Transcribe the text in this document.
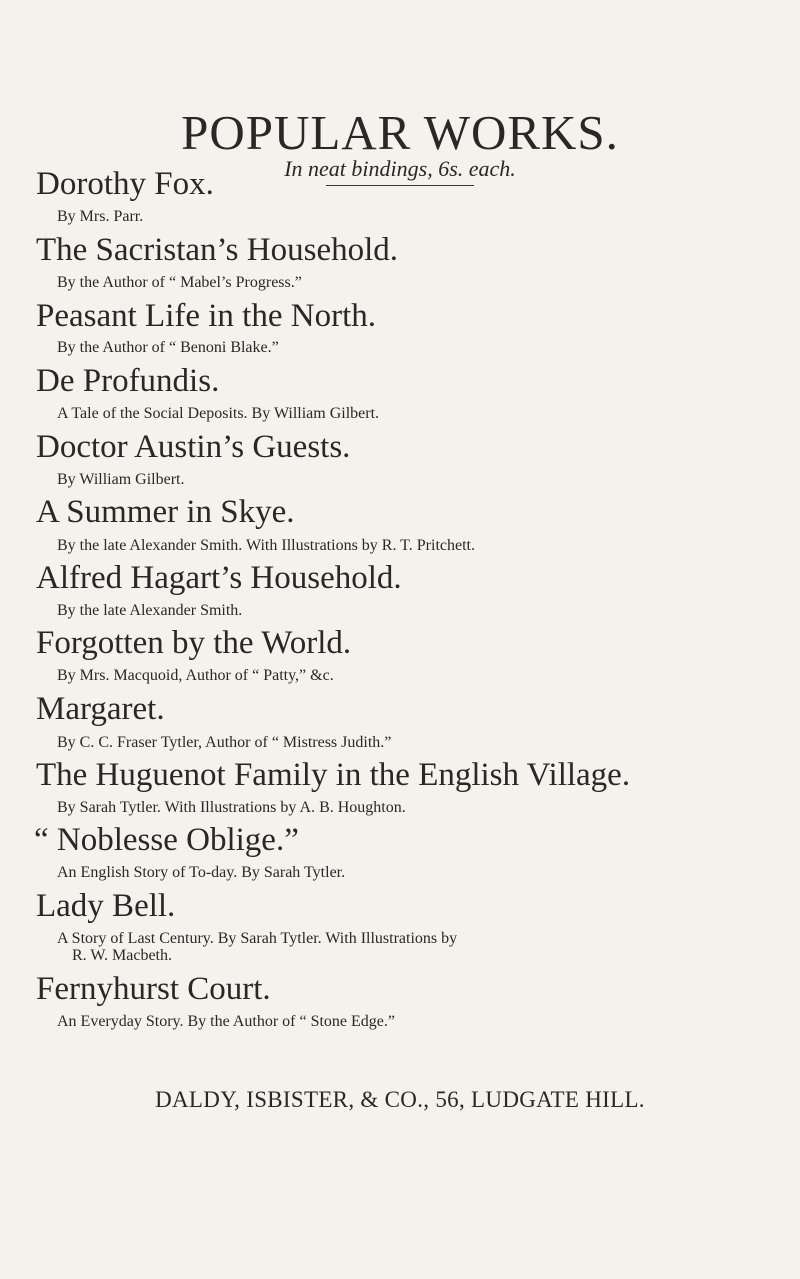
POPULAR WORKS.
In neat bindings, 6s. each.
Dorothy Fox.
By Mrs. Parr.
The Sacristan’s Household.
By the Author of “ Mabel’s Progress.”
Peasant Life in the North.
By the Author of “ Benoni Blake.”
De Profundis.
A Tale of the Social Deposits. By William Gilbert.
Doctor Austin’s Guests.
By William Gilbert.
A Summer in Skye.
By the late Alexander Smith. With Illustrations by R. T. Pritchett.
Alfred Hagart’s Household.
By the late Alexander Smith.
Forgotten by the World.
By Mrs. Macquoid, Author of “ Patty,” &c.
Margaret.
By C. C. Fraser Tytler, Author of “ Mistress Judith.”
The Huguenot Family in the English Village.
By Sarah Tytler. With Illustrations by A. B. Houghton.
“ Noblesse Oblige.”
An English Story of To-day. By Sarah Tytler.
Lady Bell.
A Story of Last Century. By Sarah Tytler. With Illustrations by
R. W. Macbeth.
Fernyhurst Court.
An Everyday Story. By the Author of “ Stone Edge.”
DALDY, ISBISTER, & CO., 56, LUDGATE HILL.
